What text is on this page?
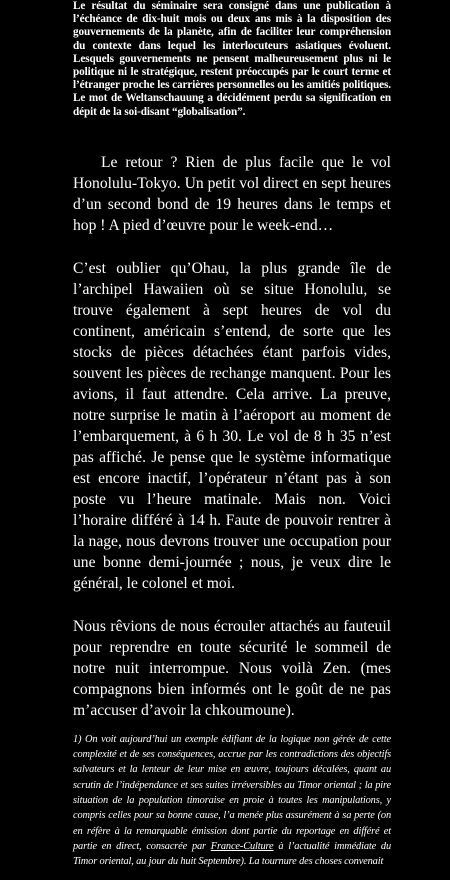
Le résultat du séminaire sera consigné dans une publication à l’échéance de dix-huit mois ou deux ans mis à la disposition des gouvernements de la planète, afin de faciliter leur compréhension du contexte dans lequel les interlocuteurs asiatiques évoluent. Lesquels gouvernements ne pensent malheureusement plus ni le politique ni le stratégique, restent préoccupés par le court terme et l’étranger proche les carrières personnelles ou les amitiés politiques. Le mot de Weltanschauung a décidément perdu sa signification en dépit de la soi-disant “globalisation”.

Le retour ? Rien de plus facile que le vol Honolulu-Tokyo. Un petit vol direct en sept heures d’un second bond de 19 heures dans le temps et hop ! A pied d’œuvre pour le week-end…

C’est oublier qu’Ohau, la plus grande île de l’archipel Hawaiien où se situe Honolulu, se trouve également à sept heures de vol du continent, américain s’entend, de sorte que les stocks de pièces détachées étant parfois vides, souvent les pièces de rechange manquent. Pour les avions, il faut attendre. Cela arrive. La preuve, notre surprise le matin à l’aéroport au moment de l’embarquement, à 6 h 30. Le vol de 8 h 35 n’est pas affiché. Je pense que le système informatique est encore inactif, l’opérateur n’étant pas à son poste vu l’heure matinale. Mais non. Voici l’horaire différé à 14 h. Faute de pouvoir rentrer à la nage, nous devrons trouver une occupation pour une bonne demi-journée ; nous, je veux dire le général, le colonel et moi.

Nous rêvions de nous écrouler attachés au fauteuil pour reprendre en toute sécurité le sommeil de notre nuit interrompue. Nous voilà Zen. (mes compagnons bien informés ont le goût de ne pas m’accuser d’avoir la chkoumoune).

1) On voit aujourd’hui un exemple édifiant de la logique non gérée de cette complexité et de ses conséquences, accrue par les contradictions des objectifs salvateurs et la lenteur de leur mise en œuvre, toujours décalées, quant au scrutin de l’indépendance et ses suites irréversibles au Timor oriental ; la pire situation de la population timoraise en proie à toutes les manipulations, y compris celles pour sa bonne cause, l’a menée plus assurément à sa perte (on en réfère à la remarquable émission dont partie du reportage en différé et partie en direct, consacrée par France-Culture à l’actualité immédiate du Timor oriental, au jour du huit Septembre). La tournure des choses convenait
